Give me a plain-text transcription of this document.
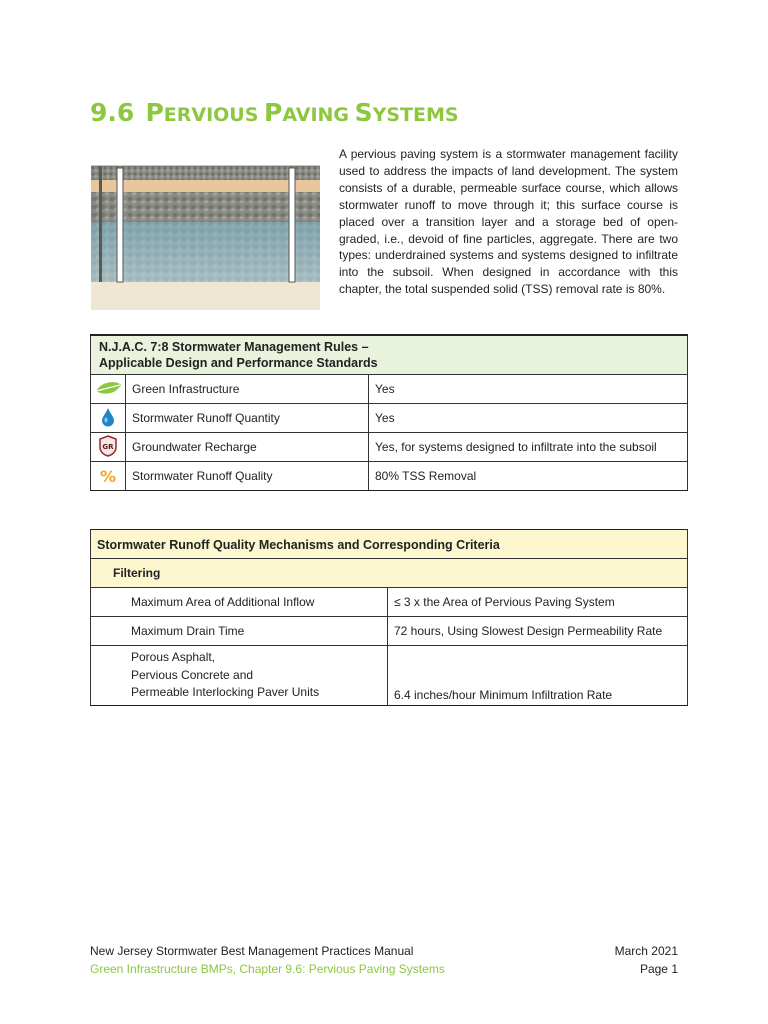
9.6 PERVIOUS PAVING SYSTEMS
A pervious paving system is a stormwater management facility used to address the impacts of land development. The system consists of a durable, permeable surface course, which allows stormwater runoff to move through it; this surface course is placed over a transition layer and a storage bed of open-graded, i.e., devoid of fine particles, aggregate. There are two types: underdrained systems and systems designed to infiltrate into the subsoil. When designed in accordance with this chapter, the total suspended solid (TSS) removal rate is 80%.
N.J.A.C. 7:8 Stormwater Management Rules –
Applicable Design and Performance Standards		
	Green Infrastructure	Yes
	Stormwater Runoff Quantity	Yes

GR	Groundwater Recharge	Yes, for systems designed to infiltrate into the subsoil
%	Stormwater Runoff Quality	80% TSS Removal
Stormwater Runoff Quality Mechanisms and Corresponding Criteria	
Filtering	
Maximum Area of Additional Inflow	≤ 3 x the Area of Pervious Paving System
Maximum Drain Time	72 hours, Using Slowest Design Permeability Rate
Porous Asphalt,
Pervious Concrete and
Permeable Interlocking Paver Units	6.4 inches/hour Minimum Infiltration Rate
New Jersey Stormwater Best Management Practices Manual	March 2021
Green Infrastructure BMPs, Chapter 9.6: Pervious Paving Systems	Page 1
